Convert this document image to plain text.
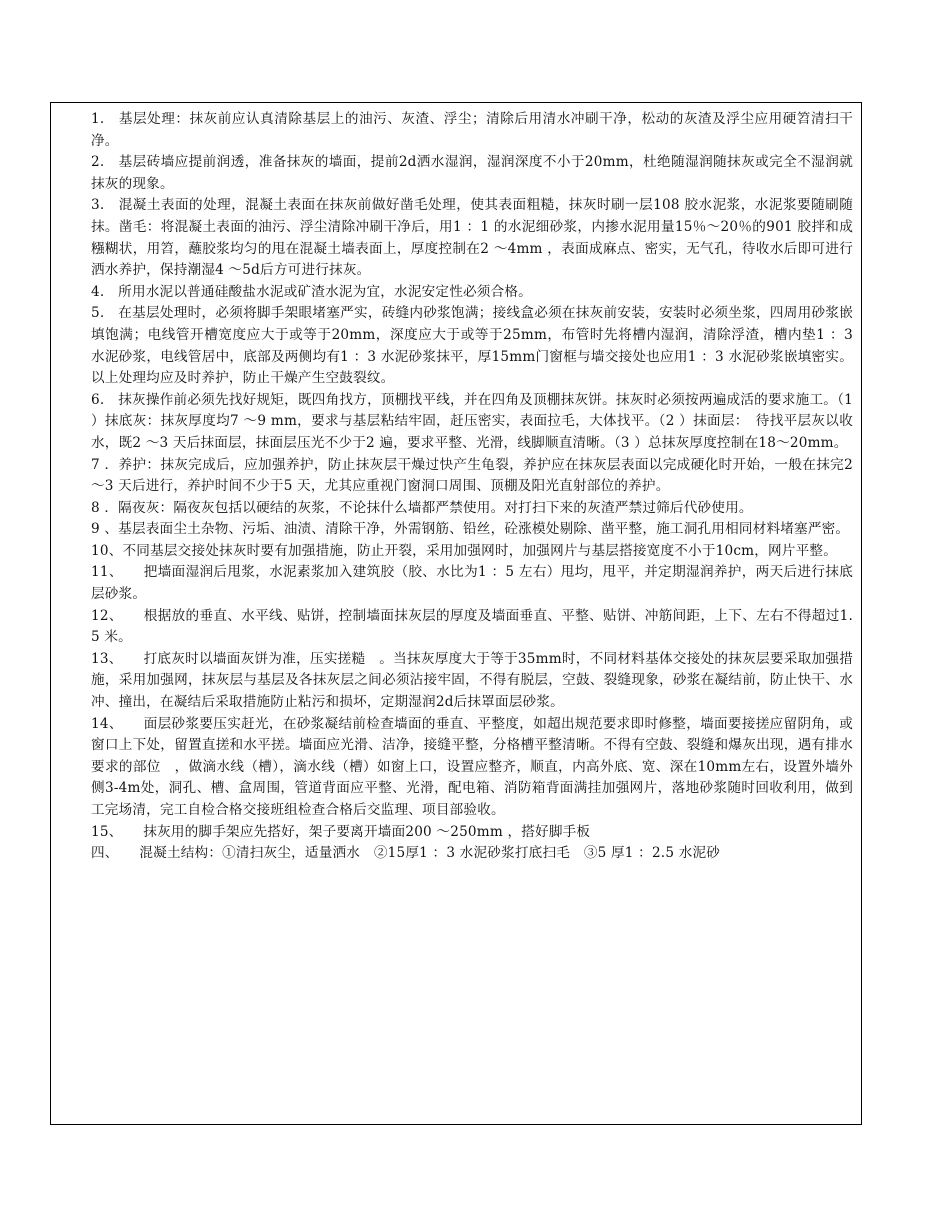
1.　基层处理：抹灰前应认真清除基层上的油污、灰渣、浮尘；清除后用清水冲刷干净，松动的灰渣及浮尘应用硬笤清扫干净。

2.　基层砖墙应提前润透，准备抹灰的墙面，提前2d洒水湿润，湿润深度不小于20mm，杜绝随湿润随抹灰或完全不湿润就抹灰的现象。

3.　混凝土表面的处理，混凝土表面在抹灰前做好凿毛处理，使其表面粗糙，抹灰时刷一层108 胶水泥浆，水泥浆要随刷随抹。凿毛：将混凝土表面的油污、浮尘清除冲刷干净后，用1 ：1 的水泥细砂浆，内掺水泥用量15％～20％的901 胶拌和成糨糊状，用笤，蘸胶浆均匀的甩在混凝土墙表面上，厚度控制在2 ～4mm ，表面成麻点、密实，无气孔，待收水后即可进行洒水养护，保持潮湿4 ～5d后方可进行抹灰。

4.　所用水泥以普通硅酸盐水泥或矿渣水泥为宜，水泥安定性必须合格。

5.　在基层处理时，必须将脚手架眼堵塞严实，砖缝内砂浆饱满；接线盒必须在抹灰前安装，安装时必须坐浆，四周用砂浆嵌填饱满；电线管开槽宽度应大于或等于20mm，深度应大于或等于25mm，布管时先将槽内湿润，清除浮渣，槽内垫1 ：3 水泥砂浆，电线管居中，底部及两侧均有1 ：3 水泥砂浆抹平，厚15mm门窗框与墙交接处也应用1 ：3 水泥砂浆嵌填密实。以上处理均应及时养护，防止干燥产生空鼓裂纹。

6.　抹灰操作前必须先找好规矩，既四角找方，顶棚找平线，并在四角及顶棚抹灰饼。抹灰时必须按两遍成活的要求施工。（1 ）抹底灰：抹灰厚度均7 ～9 mm，要求与基层粘结牢固，赶压密实，表面拉毛，大体找平。（2 ）抹面层：　待找平层灰以收水，既2 ～3 天后抹面层，抹面层压光不少于2 遍，要求平整、光滑，线脚顺直清晰。（3 ）总抹灰厚度控制在18～20mm。

7 ．养护：抹灰完成后，应加强养护，防止抹灰层干燥过快产生龟裂，养护应在抹灰层表面以完成硬化时开始，一般在抹完2 ～3 天后进行，养护时间不少于5 天，尤其应重视门窗洞口周围、顶棚及阳光直射部位的养护。

8 ．隔夜灰：隔夜灰包括以硬结的灰浆，不论抹什么墙都严禁使用。对打扫下来的灰渣严禁过筛后代砂使用。

9 、基层表面尘土杂物、污垢、油渍、清除干净，外需钢筋、铅丝，砼涨模处剔除、凿平整，施工洞孔用相同材料堵塞严密。

10、不同基层交接处抹灰时要有加强措施，防止开裂，采用加强网时，加强网片与基层搭接宽度不小于10cm，网片平整。

11、　　把墙面湿润后甩浆，水泥素浆加入建筑胶（胶、水比为1 ：5 左右）甩均，甩平，并定期湿润养护，两天后进行抹底层砂浆。

12、　　根据放的垂直、水平线、贴饼，控制墙面抹灰层的厚度及墙面垂直、平整、贴饼、冲筋间距，上下、左右不得超过1.5 米。

13、　　打底灰时以墙面灰饼为准，压实搓糙　。当抹灰厚度大于等于35mm时，不同材料基体交接处的抹灰层要采取加强措施，采用加强网，抹灰层与基层及各抹灰层之间必须沾接牢固，不得有脱层，空鼓、裂缝现象，砂浆在凝结前，防止快干、水冲、撞出，在凝结后采取措施防止粘污和损坏，定期湿润2d后抹罩面层砂浆。

14、　　面层砂浆要压实赶光，在砂浆凝结前检查墙面的垂直、平整度，如超出规范要求即时修整，墙面要接搓应留阴角，或窗口上下处，留置直搓和水平搓。墙面应光滑、洁净，接缝平整，分格槽平整清晰。不得有空鼓、裂缝和爆灰出现，遇有排水要求的部位　，做滴水线（槽），滴水线（槽）如窗上口，设置应整齐，顺直，内高外底、宽、深在10mm左右，设置外墙外侧3-4m处，洞孔、槽、盒周围，管道背面应平整、光滑，配电箱、消防箱背面满挂加强网片，落地砂浆随时回收利用，做到工完场清，完工自检合格交接班组检查合格后交监理、项目部验收。

15、　　抹灰用的脚手架应先搭好，架子要离开墙面200 ～250mm ，搭好脚手板

四、　　混凝土结构：①清扫灰尘，适量洒水　②15厚1 ：3 水泥砂浆打底扫毛　③5 厚1 ：2.5 水泥砂
